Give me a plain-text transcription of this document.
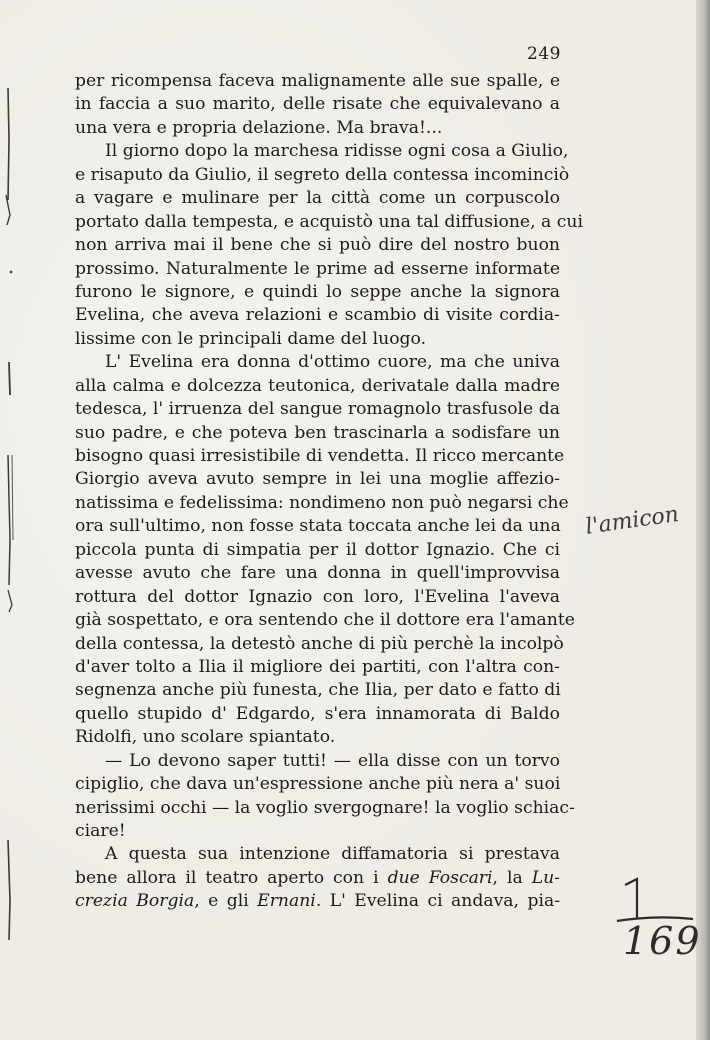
249
per ricompensa faceva malignamente alle sue spalle, e
in faccia a suo marito, delle risate che equivalevano a
una vera e propria delazione. Ma brava!...
Il giorno dopo la marchesa ridisse ogni cosa a Giulio,
e risaputo da Giulio, il segreto della contessa incominciò
a vagare e mulinare per la città come un corpuscolo
portato dalla tempesta, e acquistò una tal diffusione, a cui
non arriva mai il bene che si può dire del nostro buon
prossimo. Naturalmente le prime ad esserne informate
furono le signore, e quindi lo seppe anche la signora
Evelina, che aveva relazioni e scambio di visite cordia-
lissime con le principali dame del luogo.
L' Evelina era donna d'ottimo cuore, ma che univa
alla calma e dolcezza teutonica, derivatale dalla madre
tedesca, l' irruenza del sangue romagnolo trasfusole da
suo padre, e che poteva ben trascinarla a sodisfare un
bisogno quasi irresistibile di vendetta. Il ricco mercante
Giorgio aveva avuto sempre in lei una moglie affezio-
natissima e fedelissima: nondimeno non può negarsi che
ora sull'ultimo, non fosse stata toccata anche lei da una
piccola punta di simpatia per il dottor Ignazio. Che ci
avesse avuto che fare una donna in quell'improvvisa
rottura del dottor Ignazio con loro, l'Evelina l'aveva
già sospettato, e ora sentendo che il dottore era l'amante
della contessa, la detestò anche di più perchè la incolpò
d'aver tolto a Ilia il migliore dei partiti, con l'altra con-
segnenza anche più funesta, che Ilia, per dato e fatto di
quello stupido d' Edgardo, s'era innamorata di Baldo
Ridolfi, uno scolare spiantato.
— Lo devono saper tutti! — ella disse con un torvo
cipiglio, che dava un'espressione anche più nera a' suoi
nerissimi occhi — la voglio svergognare! la voglio schiac-
ciare!
A questa sua intenzione diffamatoria si prestava
bene allora il teatro aperto con i due Foscari, la Lu-
crezia Borgia, e gli Ernani. L' Evelina ci andava, pia-
l'amicon
169
